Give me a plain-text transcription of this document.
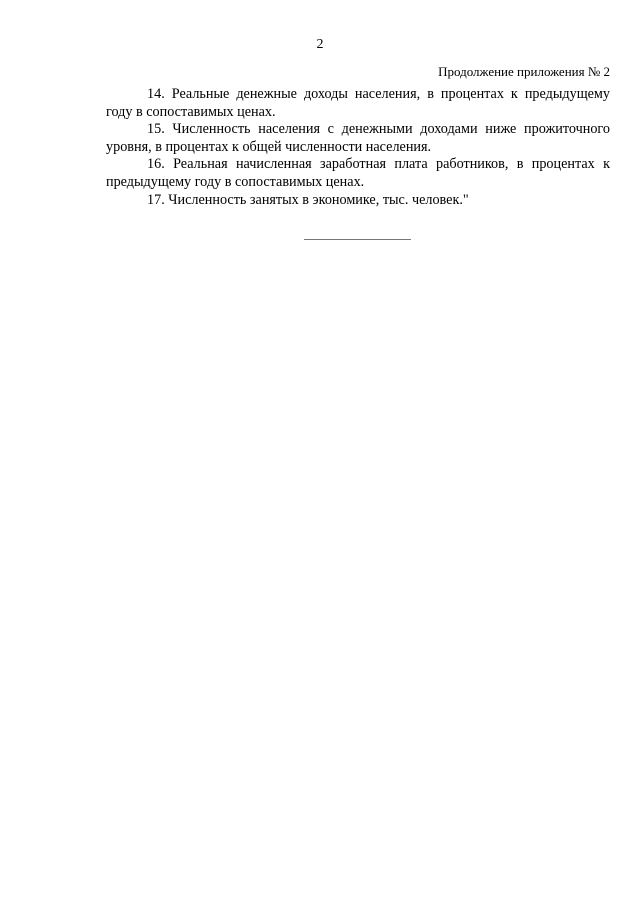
2
Продолжение приложения № 2

14. Реальные денежные доходы населения, в процентах к предыдущему году в сопоставимых ценах.

15. Численность населения с денежными доходами ниже прожиточного уровня, в процентах к общей численности населения.

16. Реальная начисленная заработная плата работников, в процентах к предыдущему году в сопоставимых ценах.

17. Численность занятых в экономике, тыс. человек."
